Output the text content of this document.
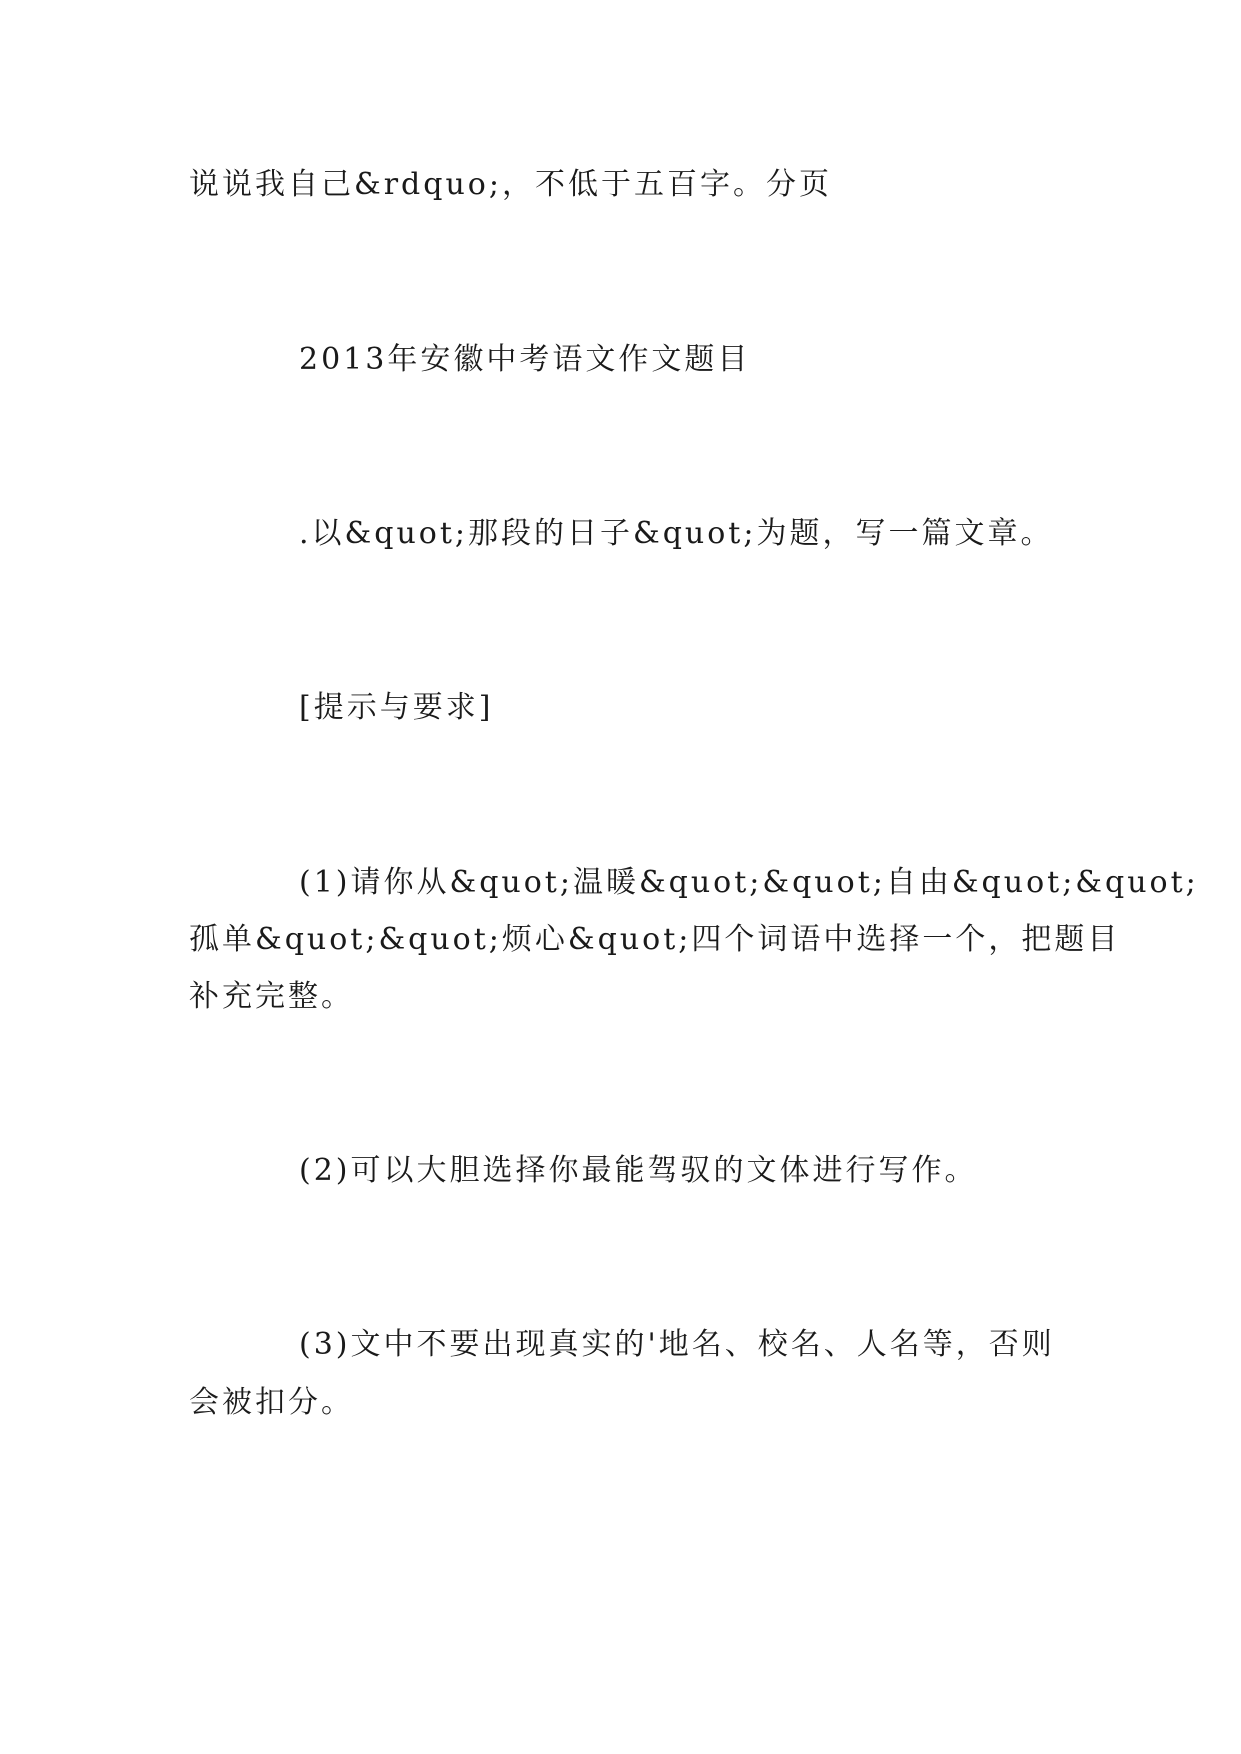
说说我自己&rdquo;，不低于五百字。分页
2013年安徽中考语文作文题目
.以&quot;那段的日子&quot;为题，写一篇文章。
[提示与要求]
(1)请你从&quot;温暖&quot;&quot;自由&quot;&quot;
孤单&quot;&quot;烦心&quot;四个词语中选择一个，把题目
补充完整。
(2)可以大胆选择你最能驾驭的文体进行写作。
(3)文中不要出现真实的'地名、校名、人名等，否则
会被扣分。
